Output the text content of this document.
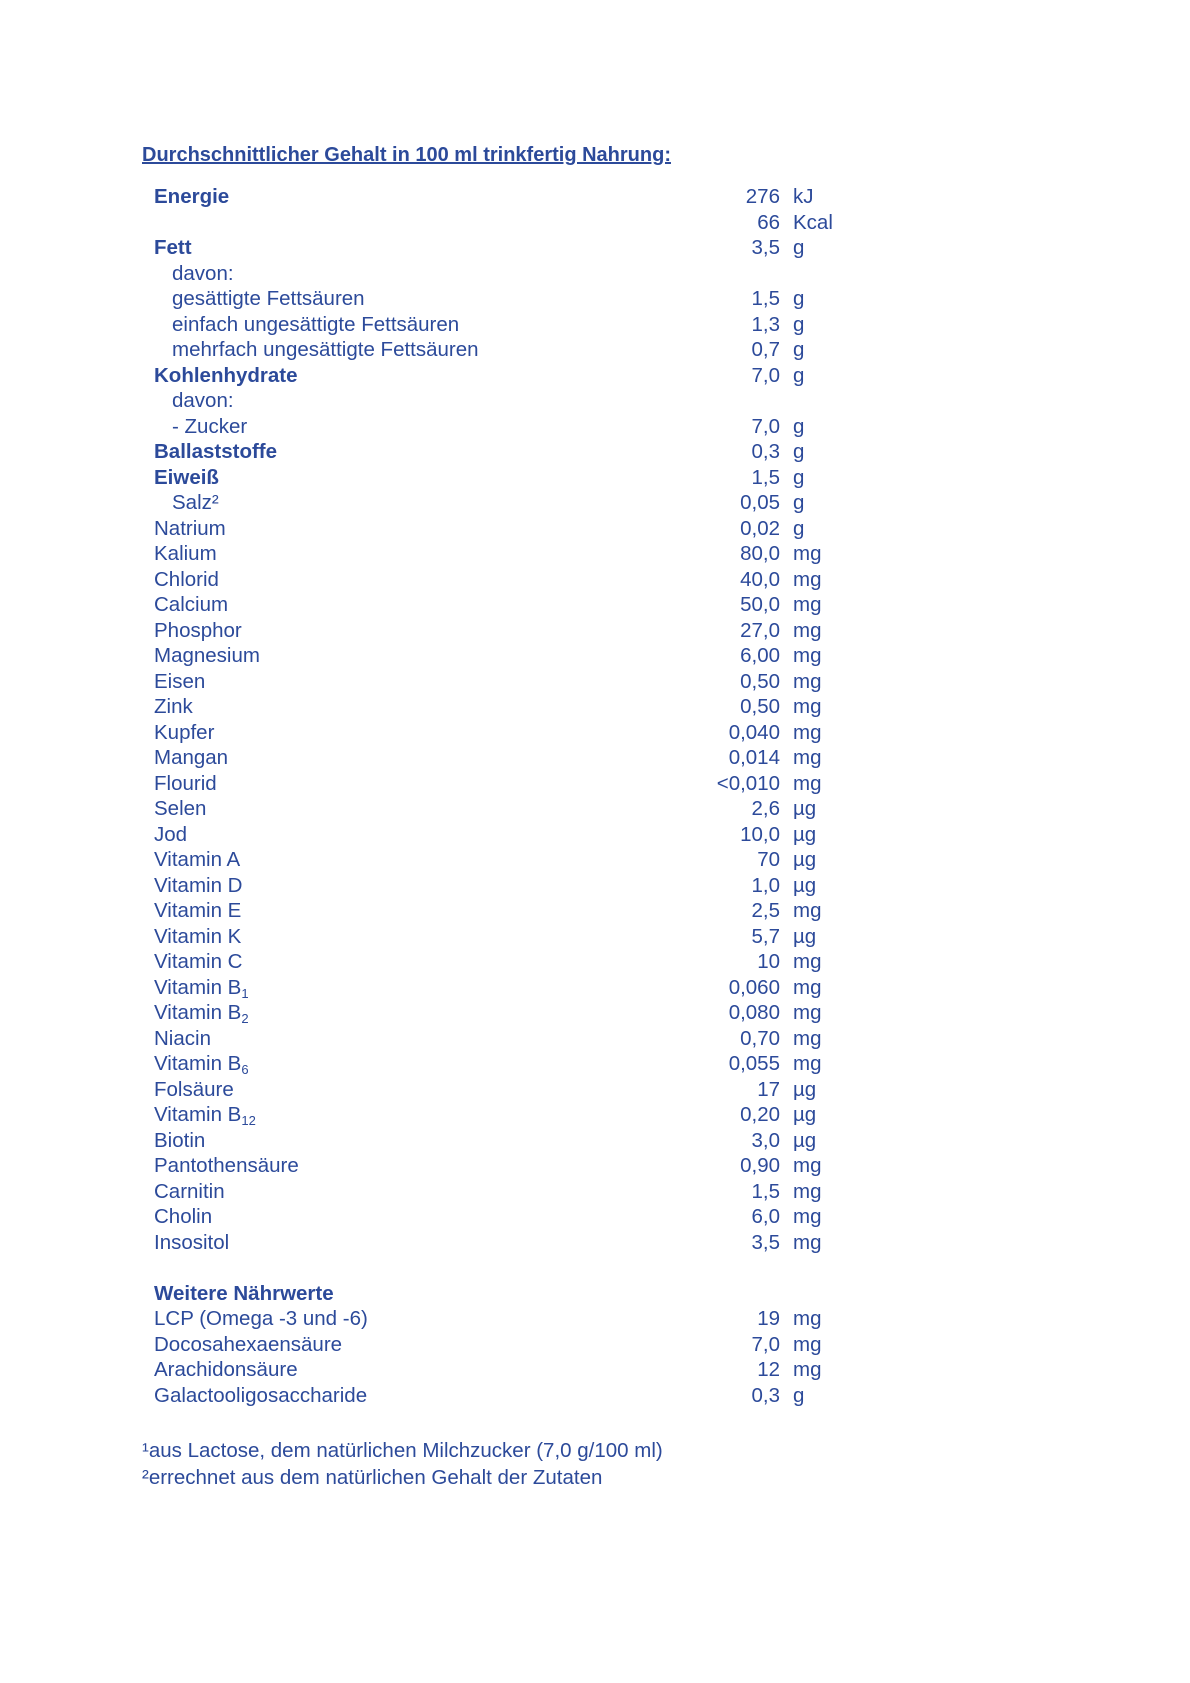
Durchschnittlicher Gehalt in 100 ml trinkfertig Nahrung:
Energie	276 kJ
66 Kcal
Fett	3,5 g
davon:
gesättigte Fettsäuren	1,5 g
einfach ungesättigte Fettsäuren	1,3 g
mehrfach ungesättigte Fettsäuren	0,7 g
Kohlenhydrate	7,0 g
davon:
- Zucker	7,0 g
Ballaststoffe	0,3 g
Eiweiß	1,5 g
Salz²	0,05 g
Natrium	0,02 g
Kalium	80,0 mg
Chlorid	40,0 mg
Calcium	50,0 mg
Phosphor	27,0 mg
Magnesium	6,00 mg
Eisen	0,50 mg
Zink	0,50 mg
Kupfer	0,040 mg
Mangan	0,014 mg
Flourid	<0,010 mg
Selen	2,6 µg
Jod	10,0 µg
Vitamin A	70 µg
Vitamin D	1,0 µg
Vitamin E	2,5 mg
Vitamin K	5,7 µg
Vitamin C	10 mg
Vitamin $B_1$	0,060 mg
Vitamin $B_2$	0,080 mg
Niacin	0,70 mg
Vitamin $B_6$	0,055 mg
Folsäure	17 µg
Vitamin $B_{12}$	0,20 µg
Biotin	3,0 µg
Pantothensäure	0,90 mg
Carnitin	1,5 mg
Cholin	6,0 mg
Insositol	3,5 mg
Weitere Nährwerte
LCP (Omega -3 und -6)	19 mg
Docosahexaensäure	7,0 mg
Arachidonsäure	12 mg
Galactooligosaccharide	0,3 g
¹aus Lactose, dem natürlichen Milchzucker (7,0 g/100 ml)
²errechnet aus dem natürlichen Gehalt der Zutaten
